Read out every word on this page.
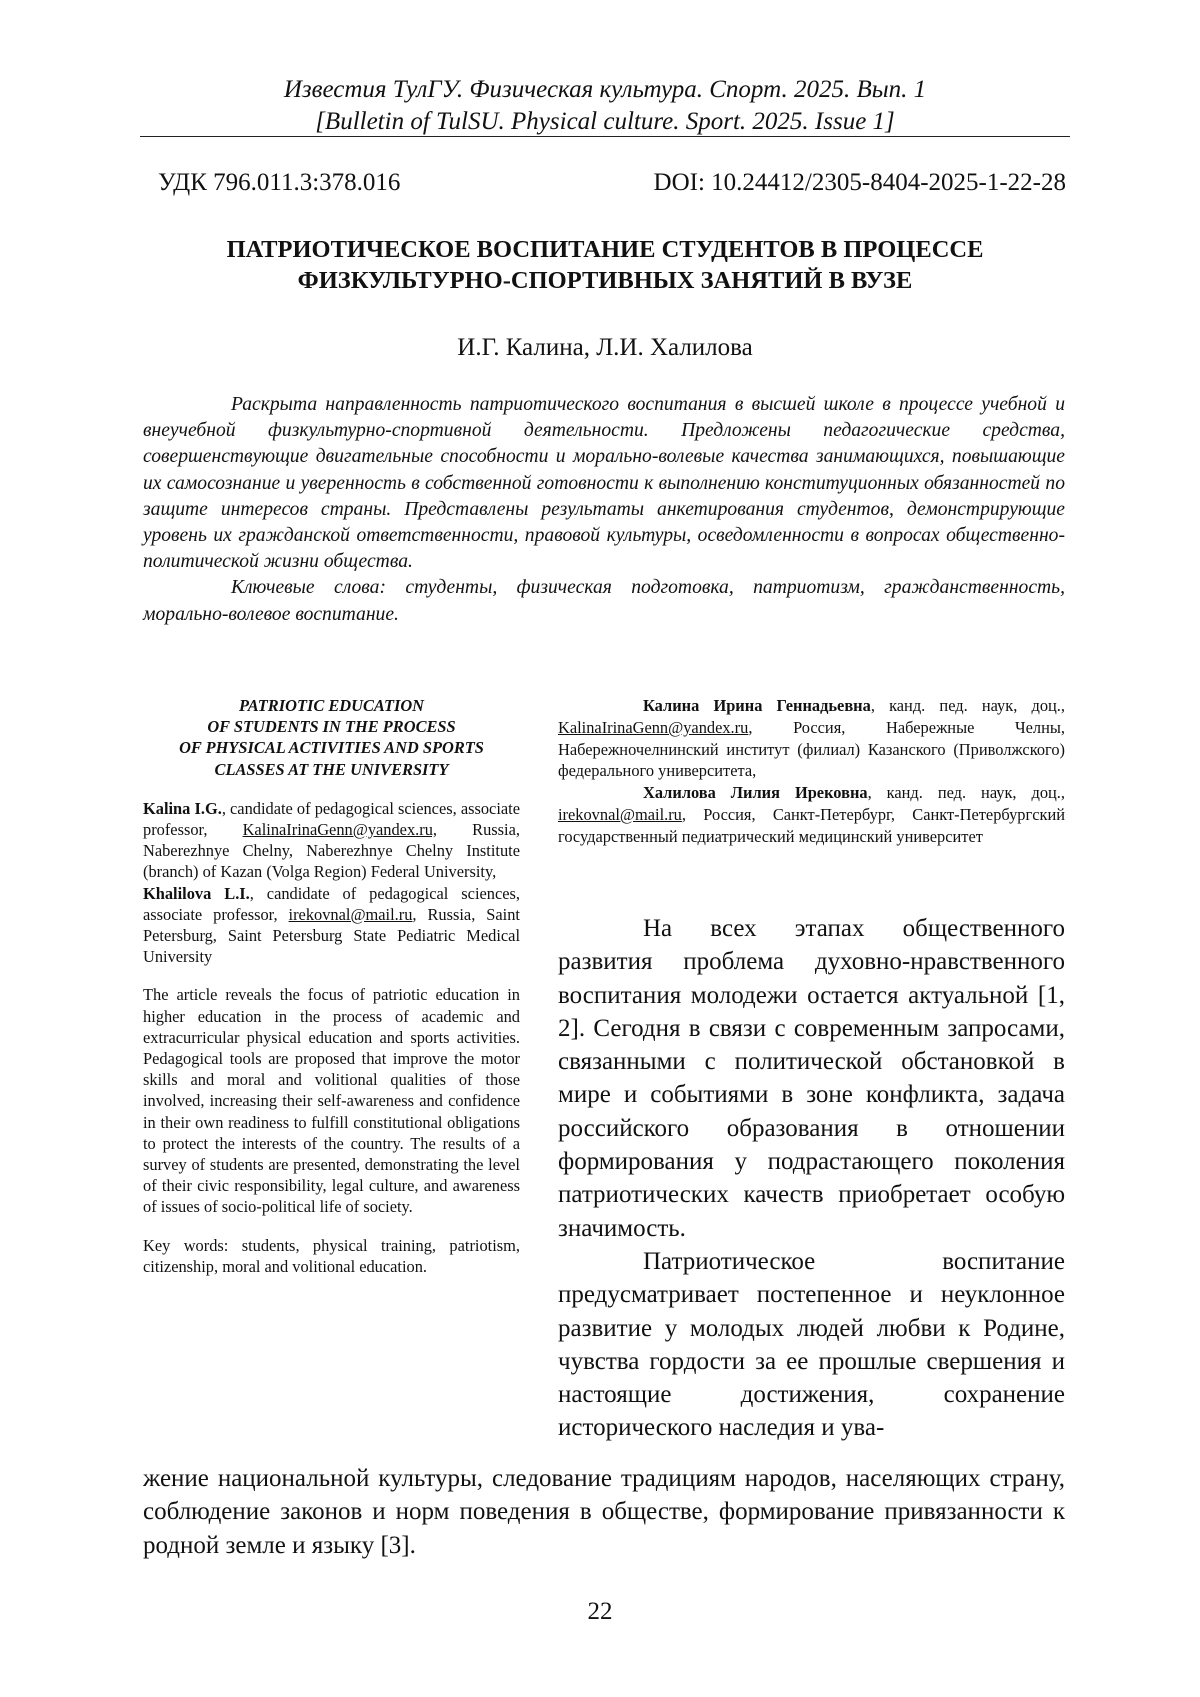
Известия ТулГУ. Физическая культура. Спорт. 2025. Вып. 1
[Bulletin of TulSU. Physical culture. Sport. 2025. Issue 1]
УДК 796.011.3:378.016	DOI: 10.24412/2305-8404-2025-1-22-28
ПАТРИОТИЧЕСКОЕ ВОСПИТАНИЕ СТУДЕНТОВ В ПРОЦЕССЕ
ФИЗКУЛЬТУРНО-СПОРТИВНЫХ ЗАНЯТИЙ В ВУЗЕ
И.Г. Калина, Л.И. Халилова

Раскрыта направленность патриотического воспитания в высшей школе в процессе учебной и внеучебной физкультурно-спортивной деятельности. Предложены педагогические средства, совершенствующие двигательные способности и морально-волевые качества занимающихся, повышающие их самосознание и уверенность в собственной готовности к выполнению конституционных обязанностей по защите интересов страны. Представлены результаты анкетирования студентов, демонстрирующие уровень их гражданской ответственности, правовой культуры, осведомленности в вопросах общественно-политической жизни общества.

Ключевые слова: студенты, физическая подготовка, патриотизм, гражданственность, морально-волевое воспитание.

PATRIOTIC EDUCATION
OF STUDENTS IN THE PROCESS
OF PHYSICAL ACTIVITIES AND SPORTS
CLASSES AT THE UNIVERSITY

Kalina I.G., candidate of pedagogical sciences, associate professor, KalinaIrinaGenn@yandex.ru, Russia, Naberezhnye Chelny, Naberezhnye Chelny Institute (branch) of Kazan (Volga Region) Federal University,

Khalilova L.I., candidate of pedagogical sciences, associate professor, irekovnal@mail.ru, Russia, Saint Petersburg, Saint Petersburg State Pediatric Medical University

The article reveals the focus of patriotic education in higher education in the process of academic and extracurricular physical education and sports activities. Pedagogical tools are proposed that improve the motor skills and moral and volitional qualities of those involved, increasing their self-awareness and confidence in their own readiness to fulfill constitutional obligations to protect the interests of the country. The results of a survey of students are presented, demonstrating the level of their civic responsibility, legal culture, and awareness of issues of socio-political life of society.
Key words: students, physical training, patriotism, citizenship, moral and volitional education.

Калина Ирина Геннадьевна, канд. пед. наук, доц., KalinaIrinaGenn@yandex.ru, Россия, Набережные Челны, Набережночелнинский институт (филиал) Казанского (Приволжского) федерального университета,

Халилова Лилия Ирековна, канд. пед. наук, доц., irekovnal@mail.ru, Россия, Санкт-Петербург, Санкт-Петербургский государственный педиатрический медицинский университет

На всех этапах общественного развития проблема духовно-нравственного воспитания молодежи остается актуальной [1, 2]. Сегодня в связи с современным запросами, связанными с политической обстановкой в мире и событиями в зоне конфликта, задача российского образования в отношении формирования у подрастающего поколения патриотических качеств приобретает особую значимость.

Патриотическое воспитание предусматривает постепенное и неуклонное развитие у молодых людей любви к Родине, чувства гордости за ее прошлые свершения и настоящие достижения, сохранение исторического наследия и ува-

жение национальной культуры, следование традициям народов, населяющих страну, соблюдение законов и норм поведения в обществе, формирование привязанности к родной земле и языку [3].

22
